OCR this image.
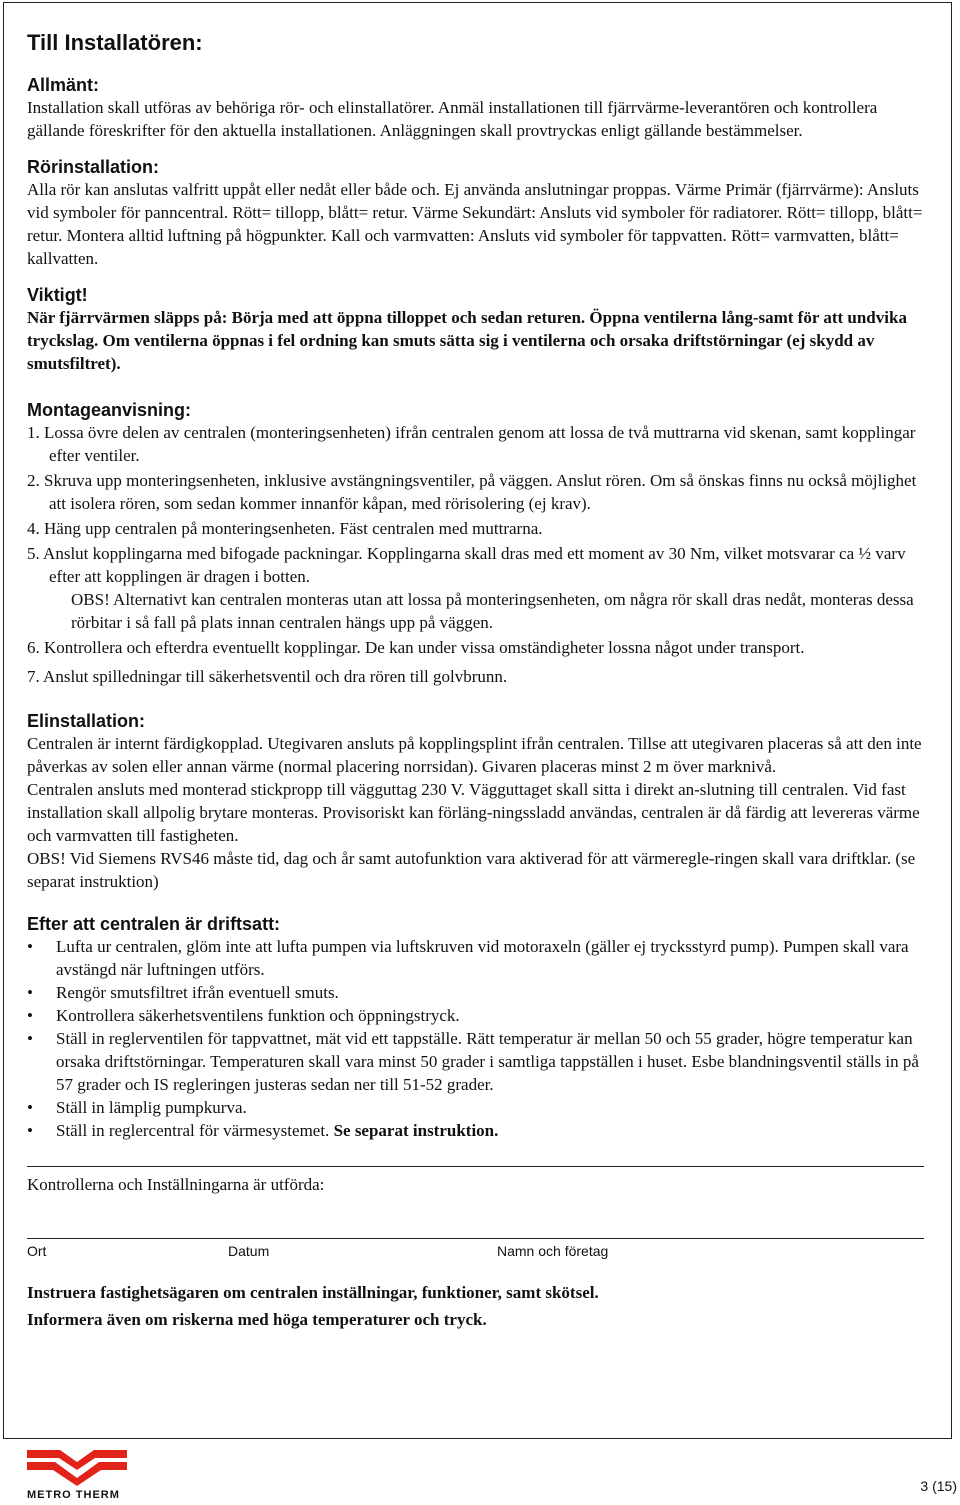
Till Installatören:
Allmänt:

Installation skall utföras av behöriga rör- och elinstallatörer. Anmäl installationen till fjärrvärme-leverantören och kontrollera gällande föreskrifter för den aktuella installationen. Anläggningen skall provtryckas enligt gällande bestämmelser.

Rörinstallation:

Alla rör kan anslutas valfritt uppåt eller nedåt eller både och. Ej använda anslutningar proppas. Värme Primär (fjärrvärme): Ansluts vid symboler för panncentral. Rött= tillopp, blått= retur. Värme Sekundärt: Ansluts vid symboler för radiatorer. Rött= tillopp, blått= retur. Montera alltid luftning på högpunkter. Kall och varmvatten: Ansluts vid symboler för tappvatten. Rött= varmvatten, blått= kallvatten.

Viktigt!

När fjärrvärmen släpps på: Börja med att öppna tilloppet och sedan returen. Öppna ventilerna lång-samt för att undvika tryckslag. Om ventilerna öppnas i fel ordning kan smuts sätta sig i ventilerna och orsaka driftstörningar (ej skydd av smutsfiltret).

Montageanvisning:
1. Lossa övre delen av centralen (monteringsenheten) ifrån centralen genom att lossa de två muttrarna vid skenan, samt kopplingar efter ventiler.
2. Skruva upp monteringsenheten, inklusive avstängningsventiler, på väggen. Anslut rören. Om så önskas finns nu också möjlighet att isolera rören, som sedan kommer innanför kåpan, med rörisolering (ej krav).
4. Häng upp centralen på monteringsenheten. Fäst centralen med muttrarna.
5. Anslut kopplingarna med bifogade packningar. Kopplingarna skall dras med ett moment av 30 Nm, vilket motsvarar ca ½ varv efter att kopplingen är dragen i botten.
OBS! Alternativt kan centralen monteras utan att lossa på monteringsenheten, om några rör skall dras nedåt, monteras dessa rörbitar i så fall på plats innan centralen hängs upp på väggen.
6. Kontrollera och efterdra eventuellt kopplingar. De kan under vissa omständigheter lossna något under transport.
7. Anslut spilledningar till säkerhetsventil och dra rören till golvbrunn.
Elinstallation:

Centralen är internt färdigkopplad. Utegivaren ansluts på kopplingsplint ifrån centralen. Tillse att utegivaren placeras så att den inte påverkas av solen eller annan värme (normal placering norrsidan). Givaren placeras minst 2 m över marknivå.

Centralen ansluts med monterad stickpropp till vägguttag 230 V. Vägguttaget skall sitta i direkt an-slutning till centralen. Vid fast installation skall allpolig brytare monteras. Provisoriskt kan förläng-ningssladd användas, centralen är då färdig att levereras värme och varmvatten till fastigheten.

OBS! Vid Siemens RVS46 måste tid, dag och år samt autofunktion vara aktiverad för att värmeregle-ringen skall vara driftklar. (se separat instruktion)

Efter att centralen är driftsatt:
• Lufta ur centralen, glöm inte att lufta pumpen via luftskruven vid motoraxeln (gäller ej trycksstyrd pump). Pumpen skall vara avstängd när luftningen utförs.
• Rengör smutsfiltret ifrån eventuell smuts.
• Kontrollera säkerhetsventilens funktion och öppningstryck.
• Ställ in reglerventilen för tappvattnet, mät vid ett tappställe. Rätt temperatur är mellan 50 och 55 grader, högre temperatur kan orsaka driftstörningar. Temperaturen skall vara minst 50 grader i samtliga tappställen i huset. Esbe blandningsventil ställs in på 57 grader och IS regleringen justeras sedan ner till 51-52 grader.
• Ställ in lämplig pumpkurva.
• Ställ in reglercentral för värmesystemet. Se separat instruktion.

Kontrollerna och Inställningarna är utförda:

Ort	Datum	Namn och företag

Instruera fastighetsägaren om centralen inställningar, funktioner, samt skötsel.

Informera även om riskerna med höga temperaturer och tryck.

METRO THERM
3 (15)
